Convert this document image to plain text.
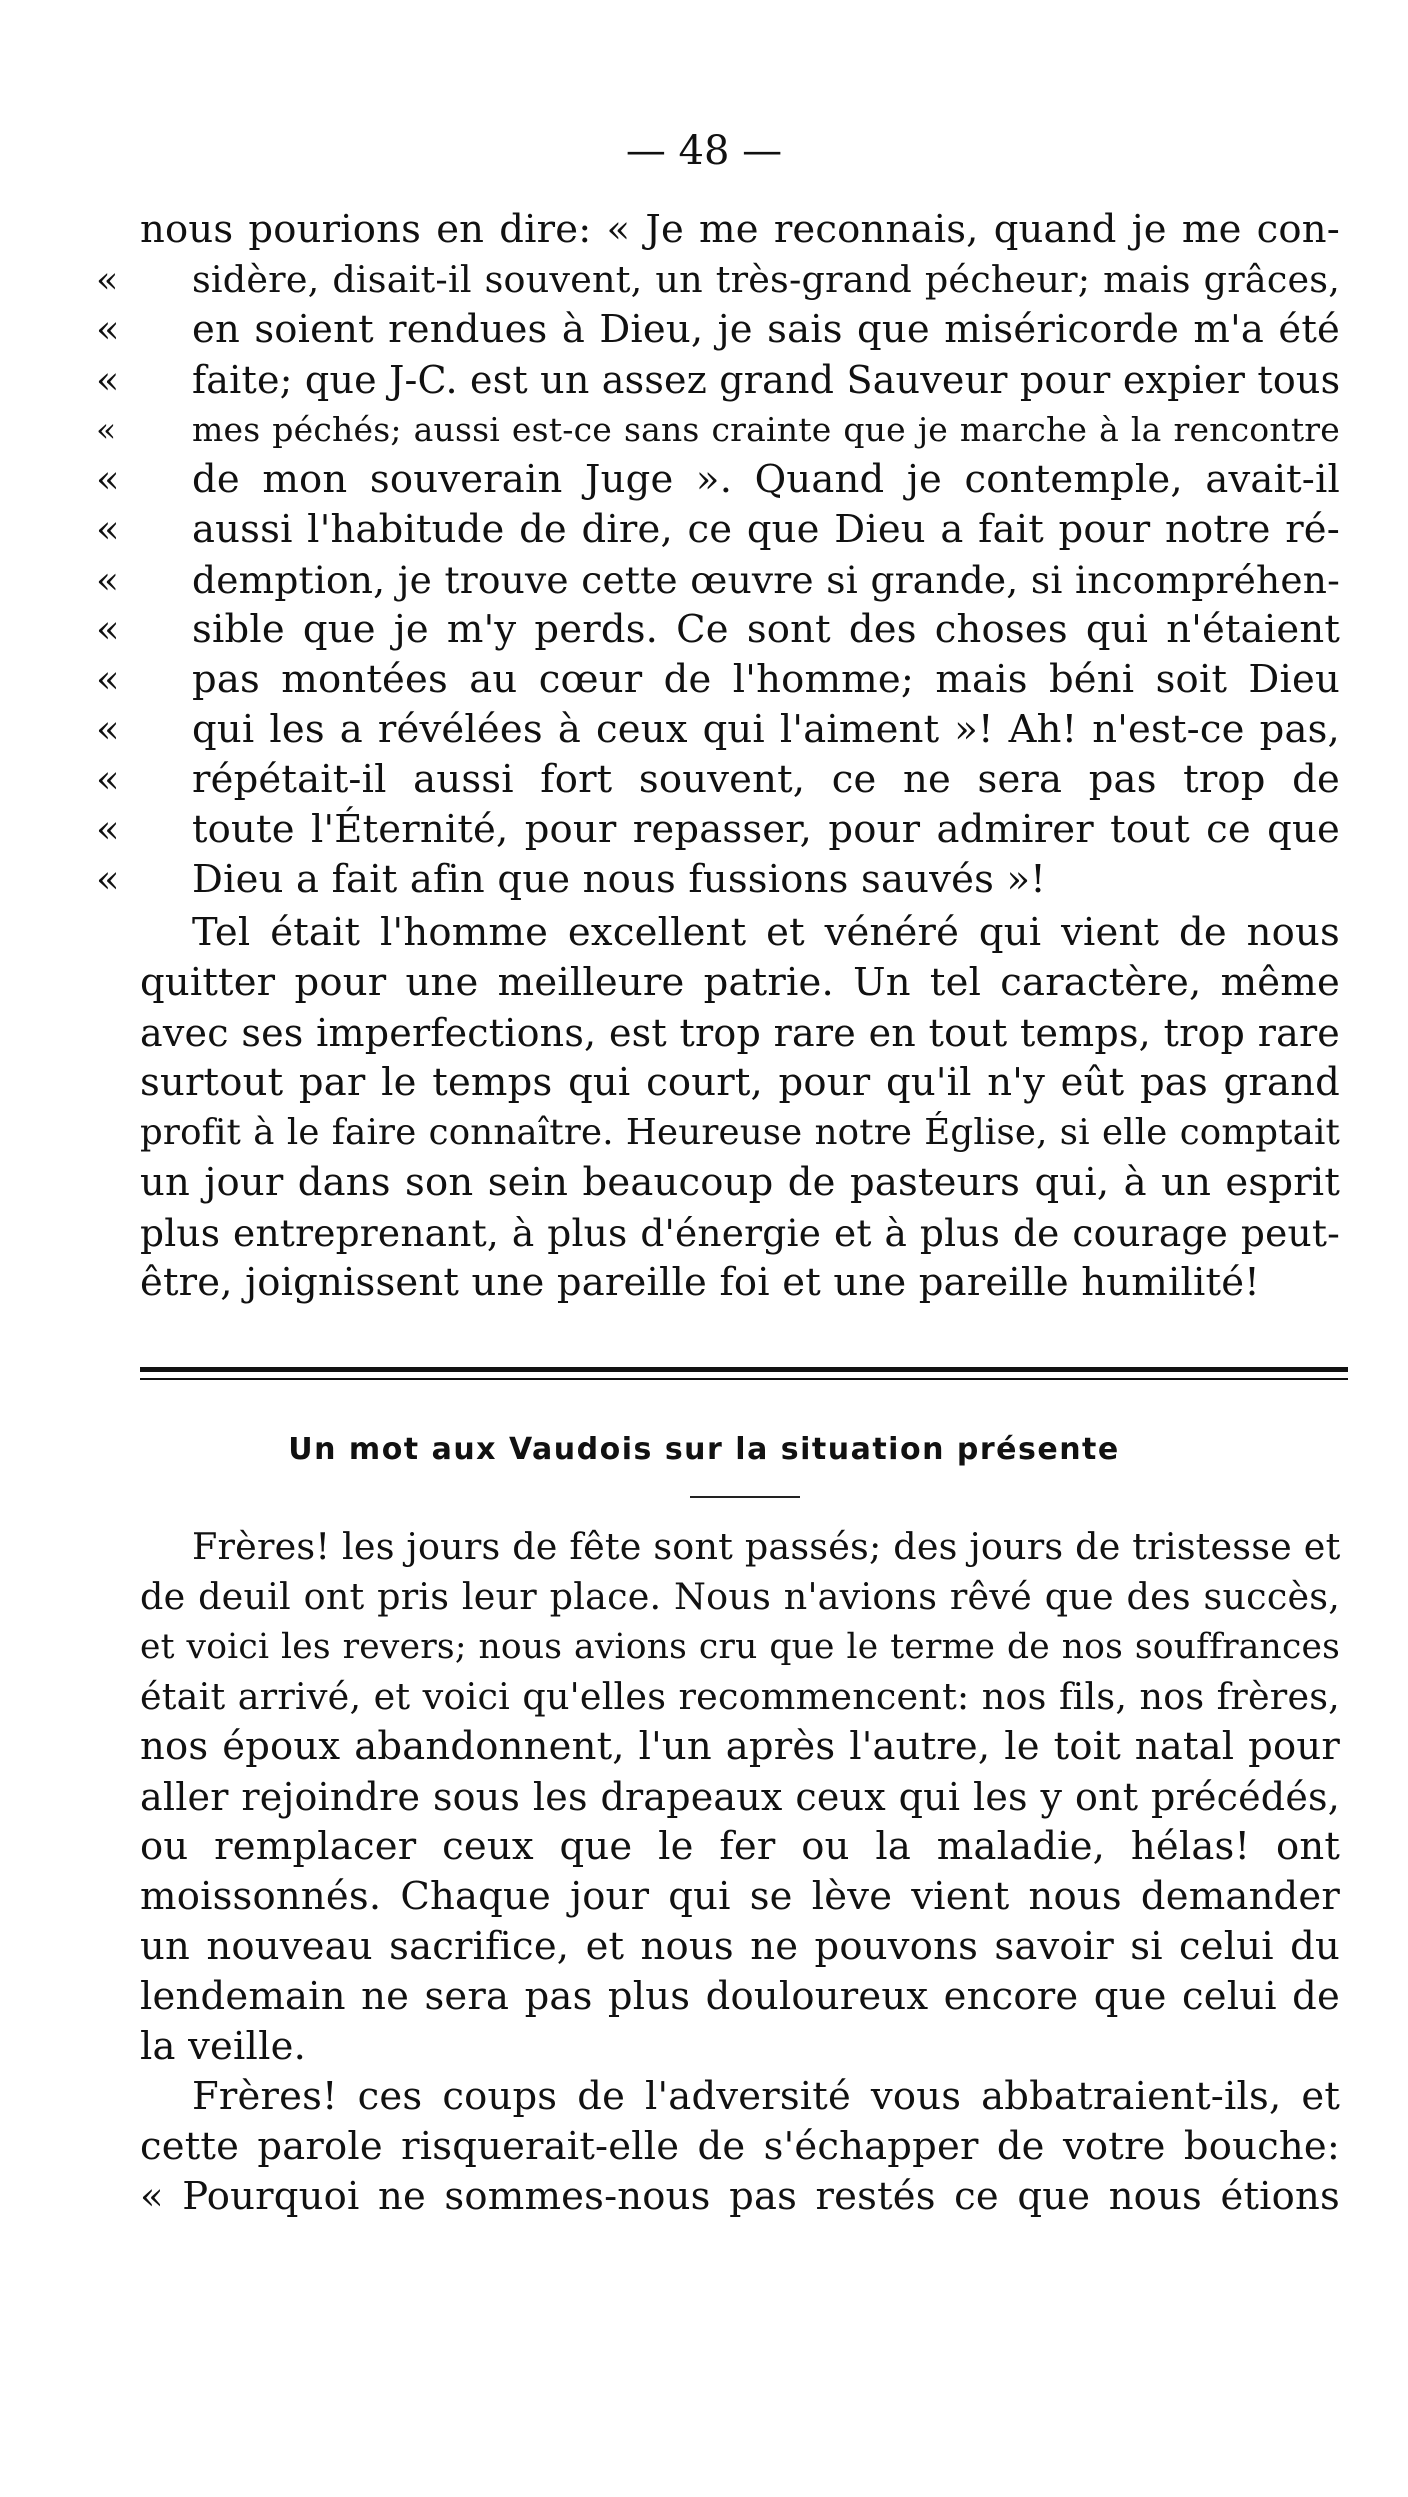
— 48 —
nous pourions en dire: « Je me reconnais, quand je me con-
«	sidère, disait-il souvent, un très-grand pécheur; mais grâces,
«	en soient rendues à Dieu, je sais que miséricorde m'a été
«	faite; que J-C. est un assez grand Sauveur pour expier tous
«	mes péchés; aussi est-ce sans crainte que je marche à la rencontre
«	de mon souverain Juge ». Quand je contemple, avait-il
«	aussi l'habitude de dire, ce que Dieu a fait pour notre ré-
«	demption, je trouve cette œuvre si grande, si incompréhen-
«	sible que je m'y perds. Ce sont des choses qui n'étaient
«	pas montées au cœur de l'homme; mais béni soit Dieu
«	qui les a révélées à ceux qui l'aiment »! Ah! n'est-ce pas,
«	répétait-il aussi fort souvent, ce ne sera pas trop de
«	toute l'Éternité, pour repasser, pour admirer tout ce que
«	Dieu a fait afin que nous fussions sauvés »!
Tel était l'homme excellent et vénéré qui vient de nous
quitter pour une meilleure patrie. Un tel caractère, même
avec ses imperfections, est trop rare en tout temps, trop rare
surtout par le temps qui court, pour qu'il n'y eût pas grand
profit à le faire connaître. Heureuse notre Église, si elle comptait
un jour dans son sein beaucoup de pasteurs qui, à un esprit
plus entreprenant, à plus d'énergie et à plus de courage peut-
être, joignissent une pareille foi et une pareille humilité!
Un mot aux Vaudois sur la situation présente
Frères! les jours de fête sont passés; des jours de tristesse et
de deuil ont pris leur place. Nous n'avions rêvé que des succès,
et voici les revers; nous avions cru que le terme de nos souffrances
était arrivé, et voici qu'elles recommencent: nos fils, nos frères,
nos époux abandonnent, l'un après l'autre, le toit natal pour
aller rejoindre sous les drapeaux ceux qui les y ont précédés,
ou remplacer ceux que le fer ou la maladie, hélas! ont
moissonnés. Chaque jour qui se lève vient nous demander
un nouveau sacrifice, et nous ne pouvons savoir si celui du
lendemain ne sera pas plus douloureux encore que celui de
la veille.
Frères! ces coups de l'adversité vous abbatraient-ils, et
cette parole risquerait-elle de s'échapper de votre bouche:
« Pourquoi ne sommes-nous pas restés ce que nous étions
